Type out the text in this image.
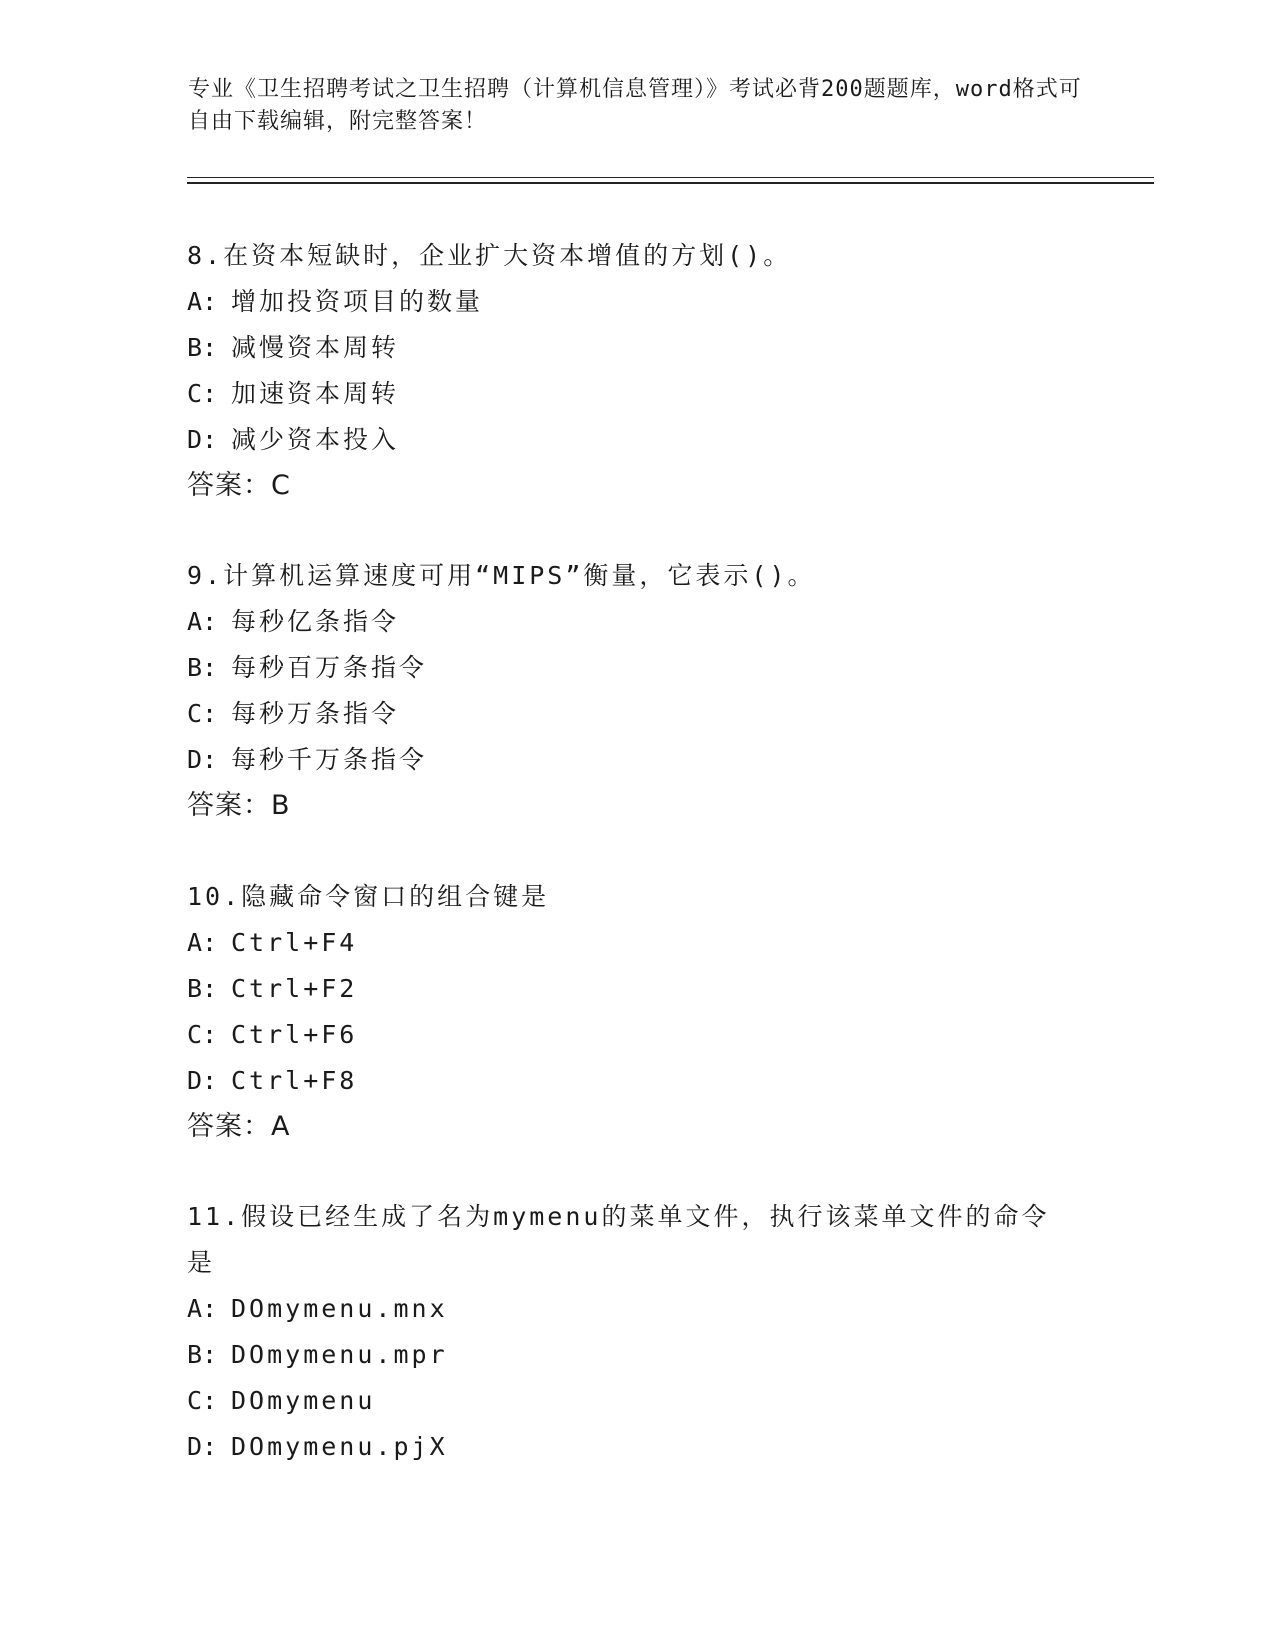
专业《卫生招聘考试之卫生招聘（计算机信息管理）》考试必背200题题库，word格式可自由下载编辑，附完整答案！
8.在资本短缺时，企业扩大资本增值的方划()。
A: 增加投资项目的数量
B: 减慢资本周转
C: 加速资本周转
D: 减少资本投入
答案：C
9.计算机运算速度可用“MIPS”衡量，它表示()。
A: 每秒亿条指令
B: 每秒百万条指令
C: 每秒万条指令
D: 每秒千万条指令
答案：B
10.隐藏命令窗口的组合键是
A: Ctrl+F4
B: Ctrl+F2
C: Ctrl+F6
D: Ctrl+F8
答案：A
11.假设已经生成了名为mymenu的菜单文件，执行该菜单文件的命令是
A: DOmymenu.mnx
B: DOmymenu.mpr
C: DOmymenu
D: DOmymenu.pjX
